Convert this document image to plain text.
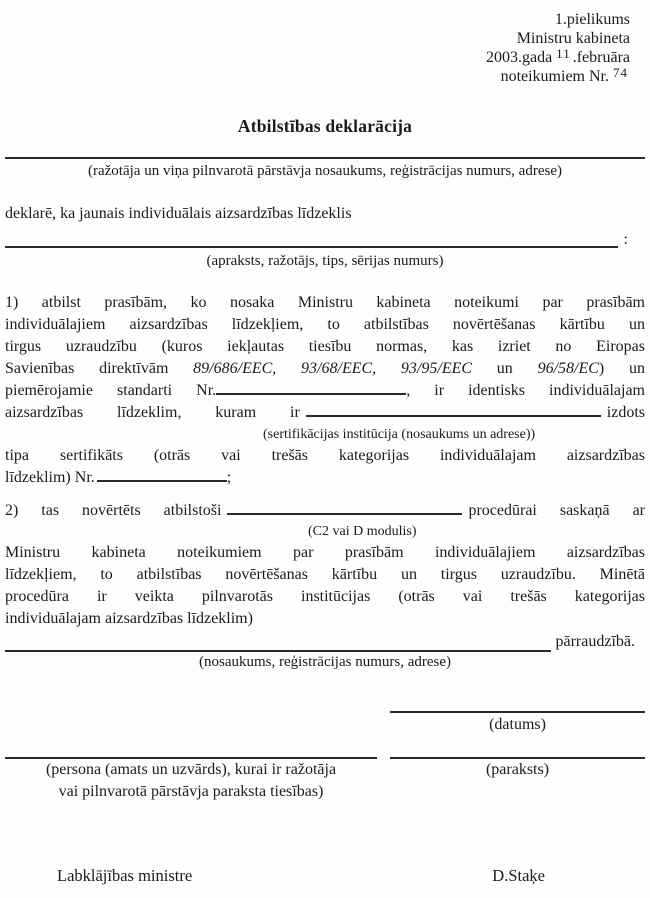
1.pielikums
Ministru kabineta
2003.gada 11 .februāra
noteikumiem Nr. 74
Atbilstības deklarācija
(ražotāja un viņa pilnvarotā pārstāvja nosaukums, reģistrācijas numurs, adrese)
deklarē, ka jaunais individuālais aizsardzības līdzeklis
:
(apraksts, ražotājs, tips, sērijas numurs)
1) atbilst prasībām, ko nosaka Ministru kabineta noteikumi par prasībām
individuālajiem aizsardzības līdzekļiem, to atbilstības novērtēšanas kārtību un
tirgus uzraudzību (kuros iekļautas tiesību normas, kas izriet no Eiropas
Savienības direktīvām 89/686/EEC, 93/68/EEC, 93/95/EEC un 96/58/EC) un
piemērojamie standarti Nr.	, ir identisks individuālajam
aizsardzības līdzeklim, kuram ir	izdots
(sertifikācijas institūcija (nosaukums un adrese))
tipa sertifikāts (otrās vai trešās kategorijas individuālajam aizsardzības
līdzeklim) Nr.	;
2) tas novērtēts atbilstoši	procedūrai saskaņā ar
(C2 vai D modulis)
Ministru kabineta noteikumiem par prasībām individuālajiem aizsardzības
līdzekļiem, to atbilstības novērtēšanas kārtību un tirgus uzraudzību. Minētā
procedūra ir veikta pilnvarotās institūcijas (otrās vai trešās kategorijas
individuālajam aizsardzības līdzeklim)
pārraudzībā.
(nosaukums, reģistrācijas numurs, adrese)
(datums)
(persona (amats un uzvārds), kurai ir ražotāja
vai pilnvarotā pārstāvja paraksta tiesības)
(paraksts)
Labklājības ministre	D.Staķe
